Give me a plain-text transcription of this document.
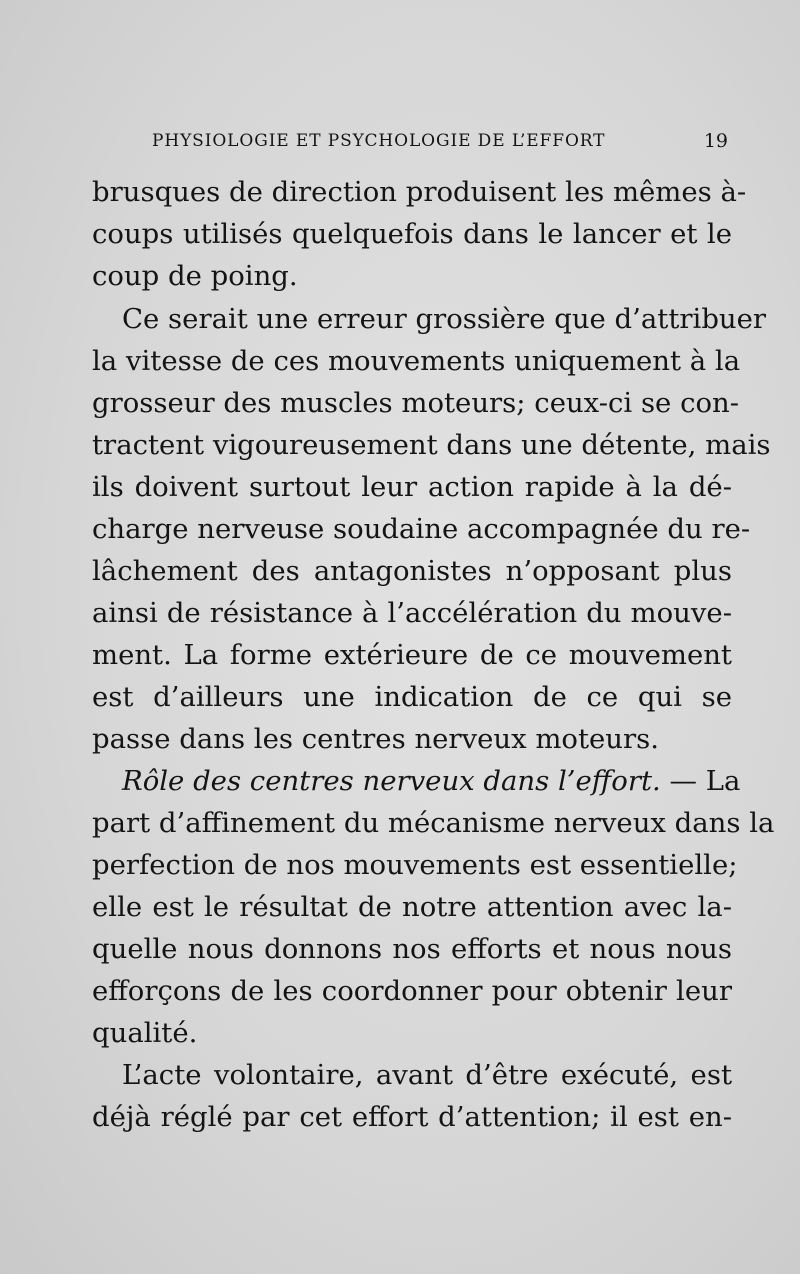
PHYSIOLOGIE ET PSYCHOLOGIE DE L’EFFORT	19
brusques de direction produisent les mêmes à-
coups utilisés quelquefois dans le lancer et le
coup de poing.
Ce serait une erreur grossière que d’attribuer
la vitesse de ces mouvements uniquement à la
grosseur des muscles moteurs; ceux-ci se con-
tractent vigoureusement dans une détente, mais
ils doivent surtout leur action rapide à la dé-
charge nerveuse soudaine accompagnée du re-
lâchement des antagonistes n’opposant plus
ainsi de résistance à l’accélération du mouve-
ment. La forme extérieure de ce mouvement
est d’ailleurs une indication de ce qui se
passe dans les centres nerveux moteurs.
Rôle des centres nerveux dans l’effort. — La
part d’affinement du mécanisme nerveux dans la
perfection de nos mouvements est essentielle;
elle est le résultat de notre attention avec la-
quelle nous donnons nos efforts et nous nous
efforçons de les coordonner pour obtenir leur
qualité.
L’acte volontaire, avant d’être exécuté, est
déjà réglé par cet effort d’attention; il est en-
